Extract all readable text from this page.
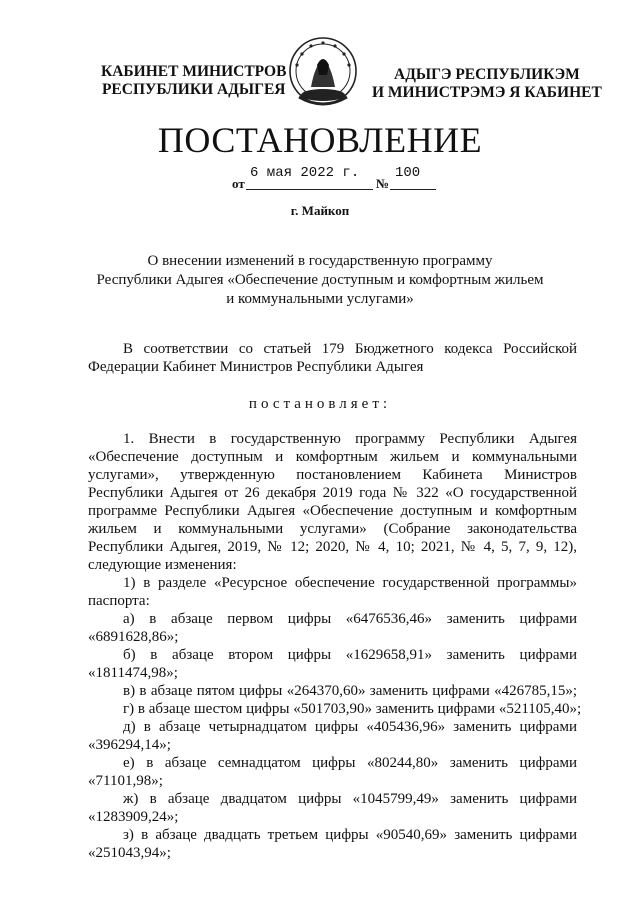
КАБИНЕТ МИНИСТРОВ
РЕСПУБЛИКИ АДЫГЕЯ
АДЫГЭ РЕСПУБЛИКЭМ
И МИНИСТРЭМЭ Я КАБИНЕТ
ПОСТАНОВЛЕНИЕ
от
6 мая 2022 г.
№
100
г. Майкоп
О внесении изменений в государственную программу
Республики Адыгея «Обеспечение доступным и комфортным жильем
и коммунальными услугами»
В соответствии со статьей 179 Бюджетного кодекса Российской
Федерации Кабинет Министров Республики Адыгея
постановляет:
1. Внести в государственную программу Республики Адыгея
«Обеспечение доступным и комфортным жильем и коммунальными
услугами», утвержденную постановлением Кабинета Министров
Республики Адыгея от 26 декабря 2019 года № 322 «О государственной
программе Республики Адыгея «Обеспечение доступным и комфортным
жильем и коммунальными услугами» (Собрание законодательства
Республики Адыгея, 2019, № 12; 2020, № 4, 10; 2021, № 4, 5, 7, 9, 12),
следующие изменения:
1) в разделе «Ресурсное обеспечение государственной программы»
паспорта:
а) в абзаце первом цифры «6476536,46» заменить цифрами
«6891628,86»;
б) в абзаце втором цифры «1629658,91» заменить цифрами
«1811474,98»;
в) в абзаце пятом цифры «264370,60» заменить цифрами «426785,15»;
г) в абзаце шестом цифры «501703,90» заменить цифрами «521105,40»;
д) в абзаце четырнадцатом цифры «405436,96» заменить цифрами
«396294,14»;
е) в абзаце семнадцатом цифры «80244,80» заменить цифрами
«71101,98»;
ж) в абзаце двадцатом цифры «1045799,49» заменить цифрами
«1283909,24»;
з) в абзаце двадцать третьем цифры «90540,69» заменить цифрами
«251043,94»;
